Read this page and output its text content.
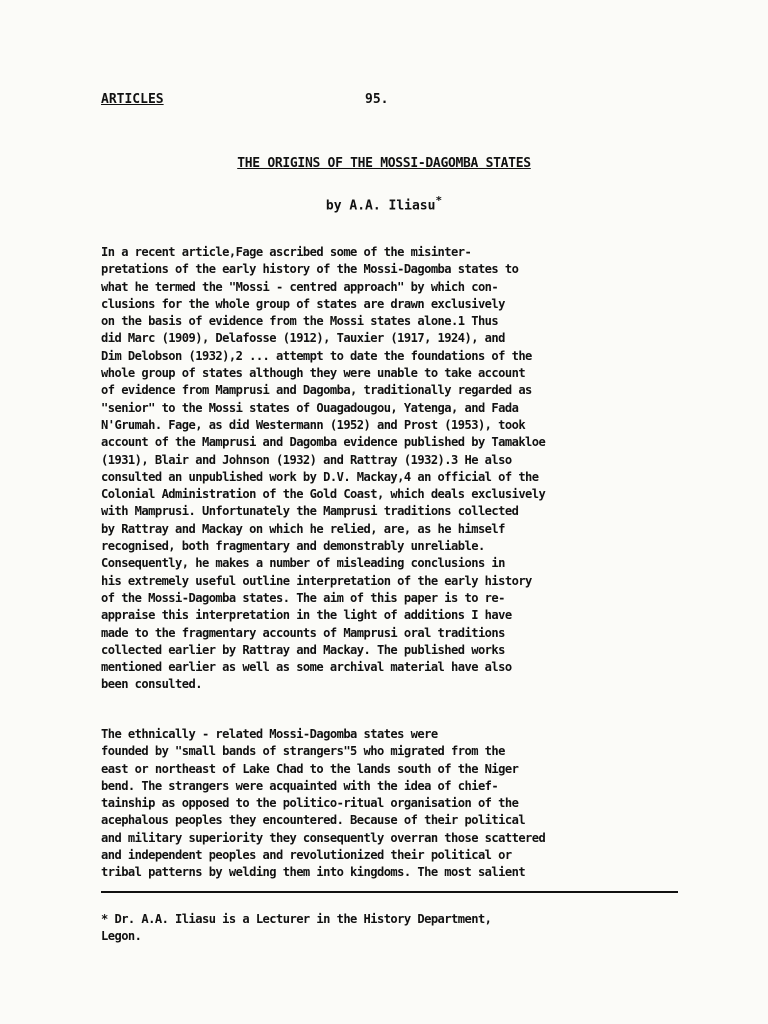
ARTICLES	95.
THE ORIGINS OF THE MOSSI-DAGOMBA STATES
by A.A. Iliasu*

In a recent article,Fage ascribed some of the misinter-
pretations of the early history of the Mossi-Dagomba states to
what he termed the "Mossi - centred approach" by which con-
clusions for the whole group of states are drawn exclusively
on the basis of evidence from the Mossi states alone.1 Thus
did Marc (1909), Delafosse (1912), Tauxier (1917, 1924), and
Dim Delobson (1932),2 ... attempt to date the foundations of the
whole group of states although they were unable to take account
of evidence from Mamprusi and Dagomba, traditionally regarded as
"senior" to the Mossi states of Ouagadougou, Yatenga, and Fada
N'Grumah. Fage, as did Westermann (1952) and Prost (1953), took
account of the Mamprusi and Dagomba evidence published by Tamakloe
(1931), Blair and Johnson (1932) and Rattray (1932).3 He also
consulted an unpublished work by D.V. Mackay,4 an official of the
Colonial Administration of the Gold Coast, which deals exclusively
with Mamprusi. Unfortunately the Mamprusi traditions collected
by Rattray and Mackay on which he relied, are, as he himself
recognised, both fragmentary and demonstrably unreliable.
Consequently, he makes a number of misleading conclusions in
his extremely useful outline interpretation of the early history
of the Mossi-Dagomba states. The aim of this paper is to re-
appraise this interpretation in the light of additions I have
made to the fragmentary accounts of Mamprusi oral traditions
collected earlier by Rattray and Mackay. The published works
mentioned earlier as well as some archival material have also
been consulted.

The ethnically - related Mossi-Dagomba states were
founded by "small bands of strangers"5 who migrated from the
east or northeast of Lake Chad to the lands south of the Niger
bend. The strangers were acquainted with the idea of chief-
tainship as opposed to the politico-ritual organisation of the
acephalous peoples they encountered. Because of their political
and military superiority they consequently overran those scattered
and independent peoples and revolutionized their political or
tribal patterns by welding them into kingdoms. The most salient

* Dr. A.A. Iliasu is a Lecturer in the History Department,
Legon.
